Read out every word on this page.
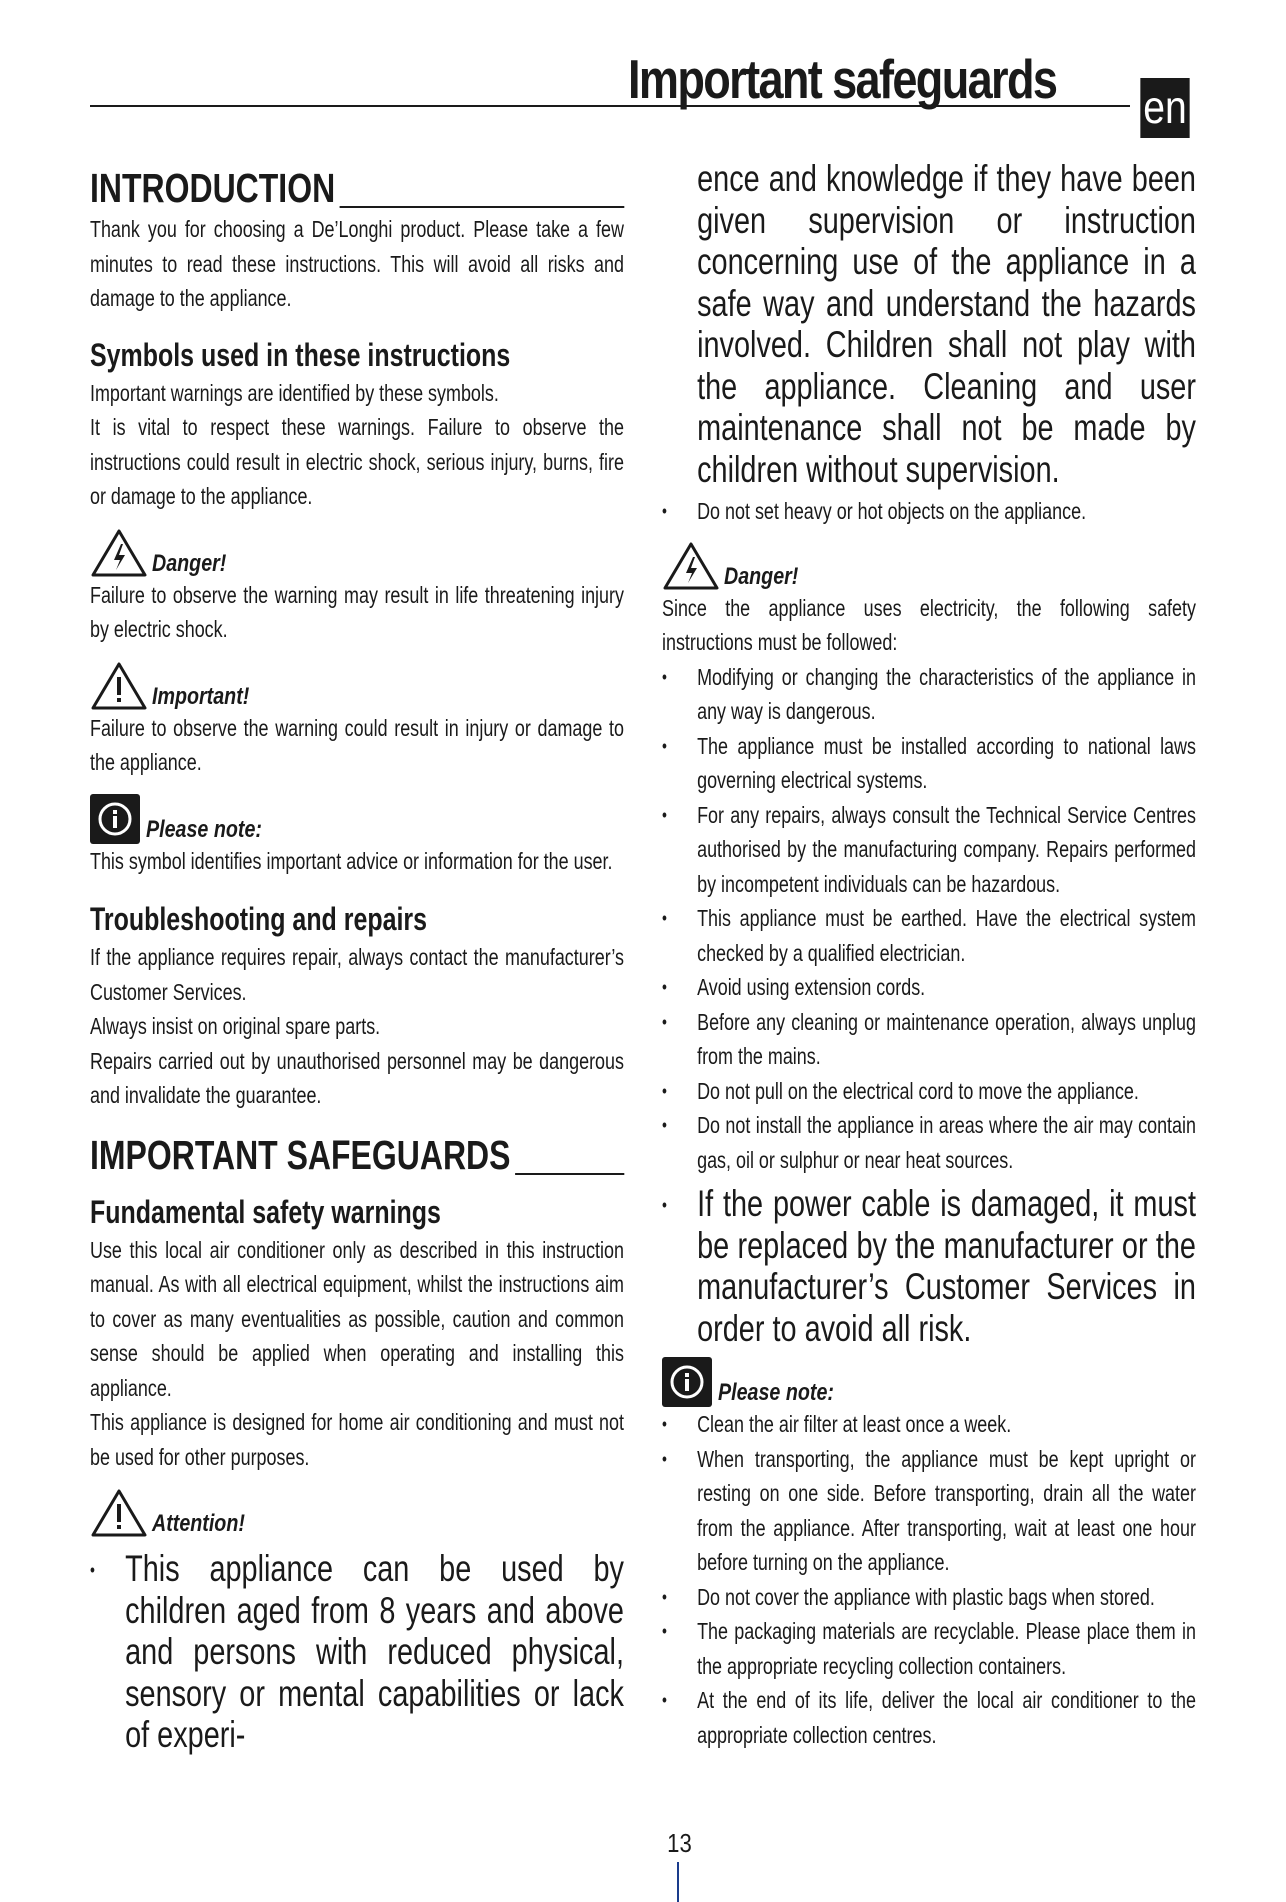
Important safeguards en
INTRODUCTION

Thank you for choosing a De’Longhi product. Please take a few minutes to read these instructions. This will avoid all risks and damage to the appliance.

Symbols used in these instructions

Important warnings are identified by these symbols.

It is vital to respect these warnings. Failure to observe the instructions could result in electric shock, serious injury, burns, fire or damage to the appliance.

Danger!

Failure to observe the warning may result in life threatening injury by electric shock.

Important!

Failure to observe the warning could result in injury or damage to the appliance.

Please note:

This symbol identifies important advice or information for the user.

Troubleshooting and repairs

If the appliance requires repair, always contact the manufacturer’s Customer Services.

Always insist on original spare parts.

Repairs carried out by unauthorised personnel may be dangerous and invalidate the guarantee.

IMPORTANT SAFEGUARDS
Fundamental safety warnings

Use this local air conditioner only as described in this instruction manual. As with all electrical equipment, whilst the instructions aim to cover as many eventualities as possible, caution and common sense should be applied when operating and installing this appliance.

This appliance is designed for home air conditioning and must not be used for other purposes.

Attention!
• This appliance can be used by children aged from 8 years and above and persons with reduced physical, sensory or mental capabilities or lack of experi-

ence and knowledge if they have been given supervision or instruction concerning use of the appliance in a safe way and understand the hazards involved. Children shall not play with the appliance. Cleaning and user maintenance shall not be made by children without supervision.

• Do not set heavy or hot objects on the appliance.
Danger!

Since the appliance uses electricity, the following safety instructions must be followed:

• Modifying or changing the characteristics of the appliance in any way is dangerous.
• The appliance must be installed according to national laws governing electrical systems.
• For any repairs, always consult the Technical Service Centres authorised by the manufacturing company. Repairs performed by incompetent individuals can be hazardous.
• This appliance must be earthed. Have the electrical system checked by a qualified electrician.
• Avoid using extension cords.
• Before any cleaning or maintenance operation, always unplug from the mains.
• Do not pull on the electrical cord to move the appliance.
• Do not install the appliance in areas where the air may contain gas, oil or sulphur or near heat sources.
• If the power cable is damaged, it must be replaced by the manufacturer or the manufacturer’s Customer Services in order to avoid all risk.
Please note:
• Clean the air filter at least once a week.
• When transporting, the appliance must be kept upright or resting on one side. Before transporting, drain all the water from the appliance. After transporting, wait at least one hour before turning on the appliance.
• Do not cover the appliance with plastic bags when stored.
• The packaging materials are recyclable. Please place them in the appropriate recycling collection containers.
• At the end of its life, deliver the local air conditioner to the appropriate collection centres.
13
